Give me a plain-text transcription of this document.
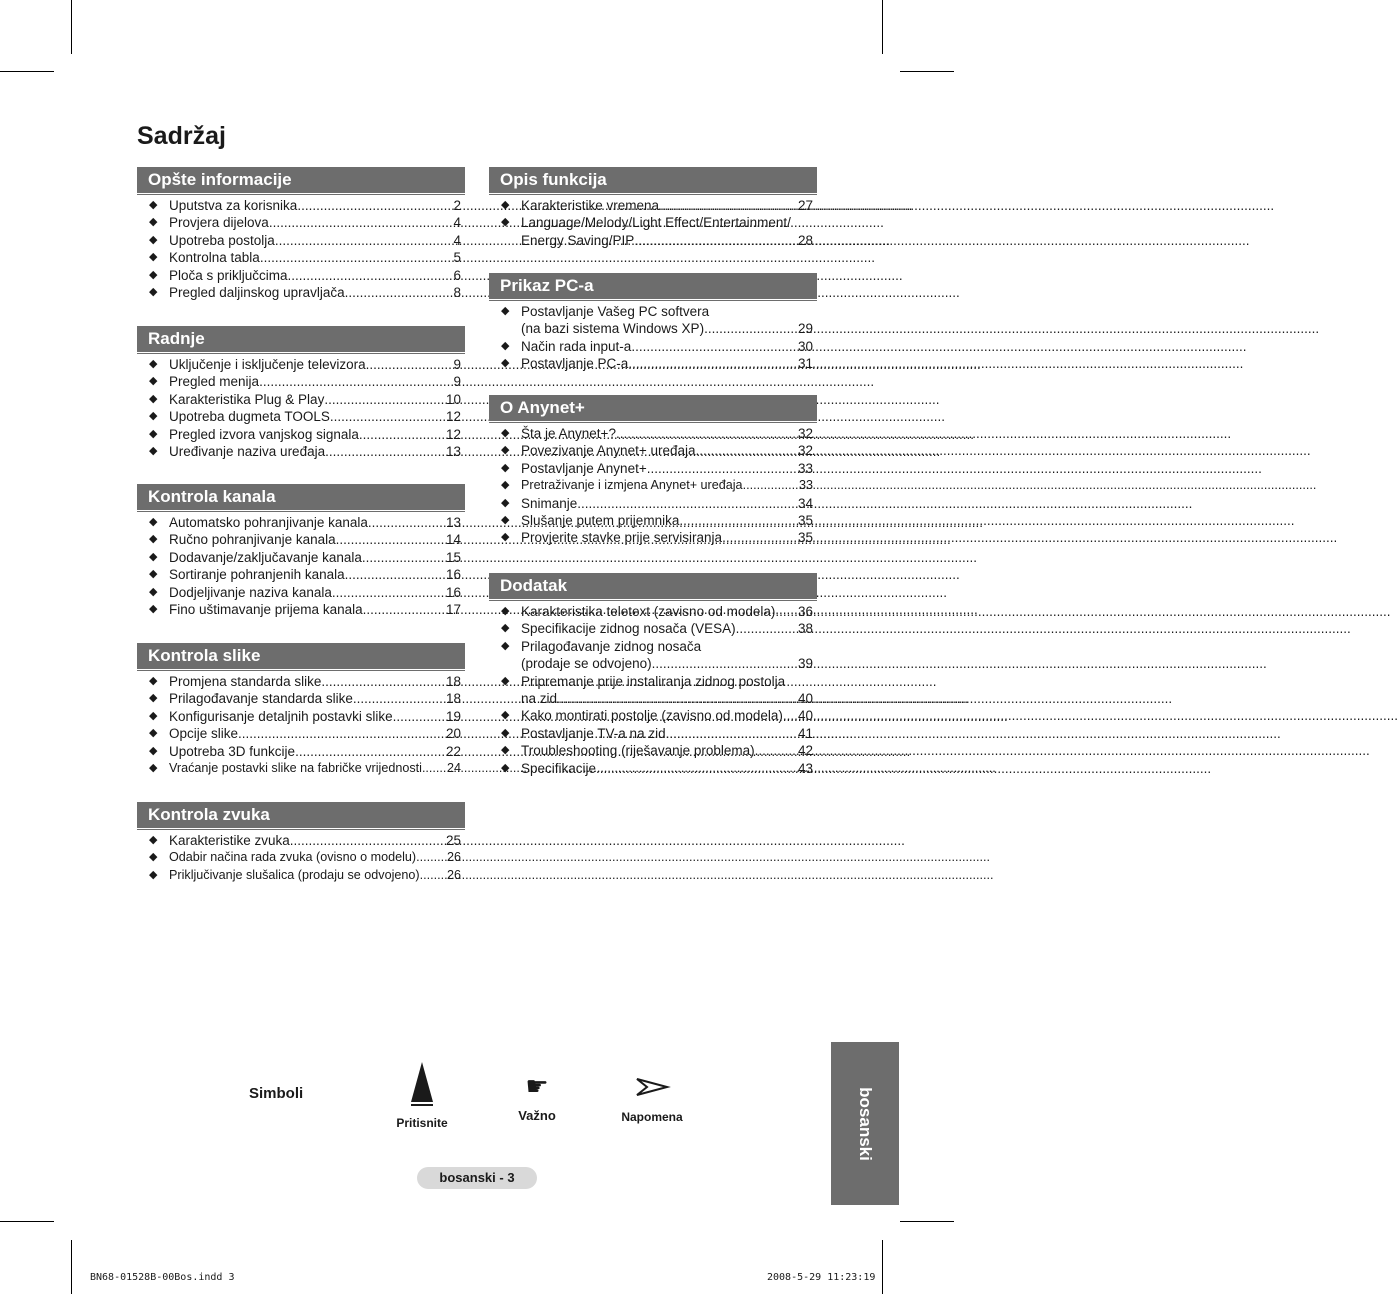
Sadržaj
Opšte informacije
◆ Uputstva za korisnika .....	2
◆ Provjera dijelova .....	4
◆ Upotreba postolja .....	4
◆ Kontrolna tabla .....	5
◆ Ploča s priključcima .....	6
◆ Pregled daljinskog upravljača .....	8
Radnje
◆ Uključenje i isključenje televizora .....	9
◆ Pregled menija .....	9
◆ Karakteristika Plug & Play .....	10
◆ Upotreba dugmeta TOOLS .....	12
◆ Pregled izvora vanjskog signala .....	12
◆ Uređivanje naziva uređaja .....	13
Kontrola kanala
◆ Automatsko pohranjivanje kanala .....	13
◆ Ručno pohranjivanje kanala .....	14
◆ Dodavanje/zaključavanje kanala .....	15
◆ Sortiranje pohranjenih kanala .....	16
◆ Dodjeljivanje naziva kanala .....	16
◆ Fino uštimavanje prijema kanala .....	17
Kontrola slike
◆ Promjena standarda slike .....	18
◆ Prilagođavanje standarda slike .....	18
◆ Konfigurisanje detaljnih postavki slike .....	19
◆ Opcije slike .....	20
◆ Upotreba 3D funkcije .....	22
◆ Vraćanje postavki slike na fabričke vrijednosti ..... 24
Kontrola zvuka
◆ Karakteristike zvuka .....	25
◆ Odabir načina rada zvuka (ovisno o modelu) ..... 26
◆ Priključivanje slušalica (prodaju se odvojeno) ..... 26
Opis funkcija
◆ Karakteristike vremena .....	27
◆ Language/Melody/Light Effect/Entertainment/
Energy Saving/PIP .....	28
Prikaz PC-a
◆ Postavljanje Vašeg PC softvera
(na bazi sistema Windows XP) .....	29
◆ Način rada input-a .....	30
◆ Postavljanje PC-a .....	31
O Anynet+
◆ Šta je Anynet+? .....	32
◆ Povezivanje Anynet+ uređaja .....	32
◆ Postavljanje Anynet+ .....	33
◆ Pretraživanje i izmjena Anynet+ uređaja .....	33
◆ Snimanje .....	34
◆ Slušanje putem prijemnika .....	35
◆ Provjerite stavke prije servisiranja .....	35
Dodatak
◆ Karakteristika teletext (zavisno od modela) ..... 36
◆ Specifikacije zidnog nosača (VESA) .....	38
◆ Prilagođavanje zidnog nosača
(prodaje se odvojeno) .....	39
◆ Pripremanje prije instaliranja zidnog postolja
na zid .....	40
◆ Kako montirati postolje (zavisno od modela) ..... 40
◆ Postavljanje TV-a na zid .....	41
◆ Troubleshooting (riješavanje problema) .....	42
◆ Specifikacije .....	43
Simboli
Pritisnite
☛
Važno	Napomena	bosanski
bosanski - 3
BN68-01528B-00Bos.indd 3	2008-5-29 11:23:19
